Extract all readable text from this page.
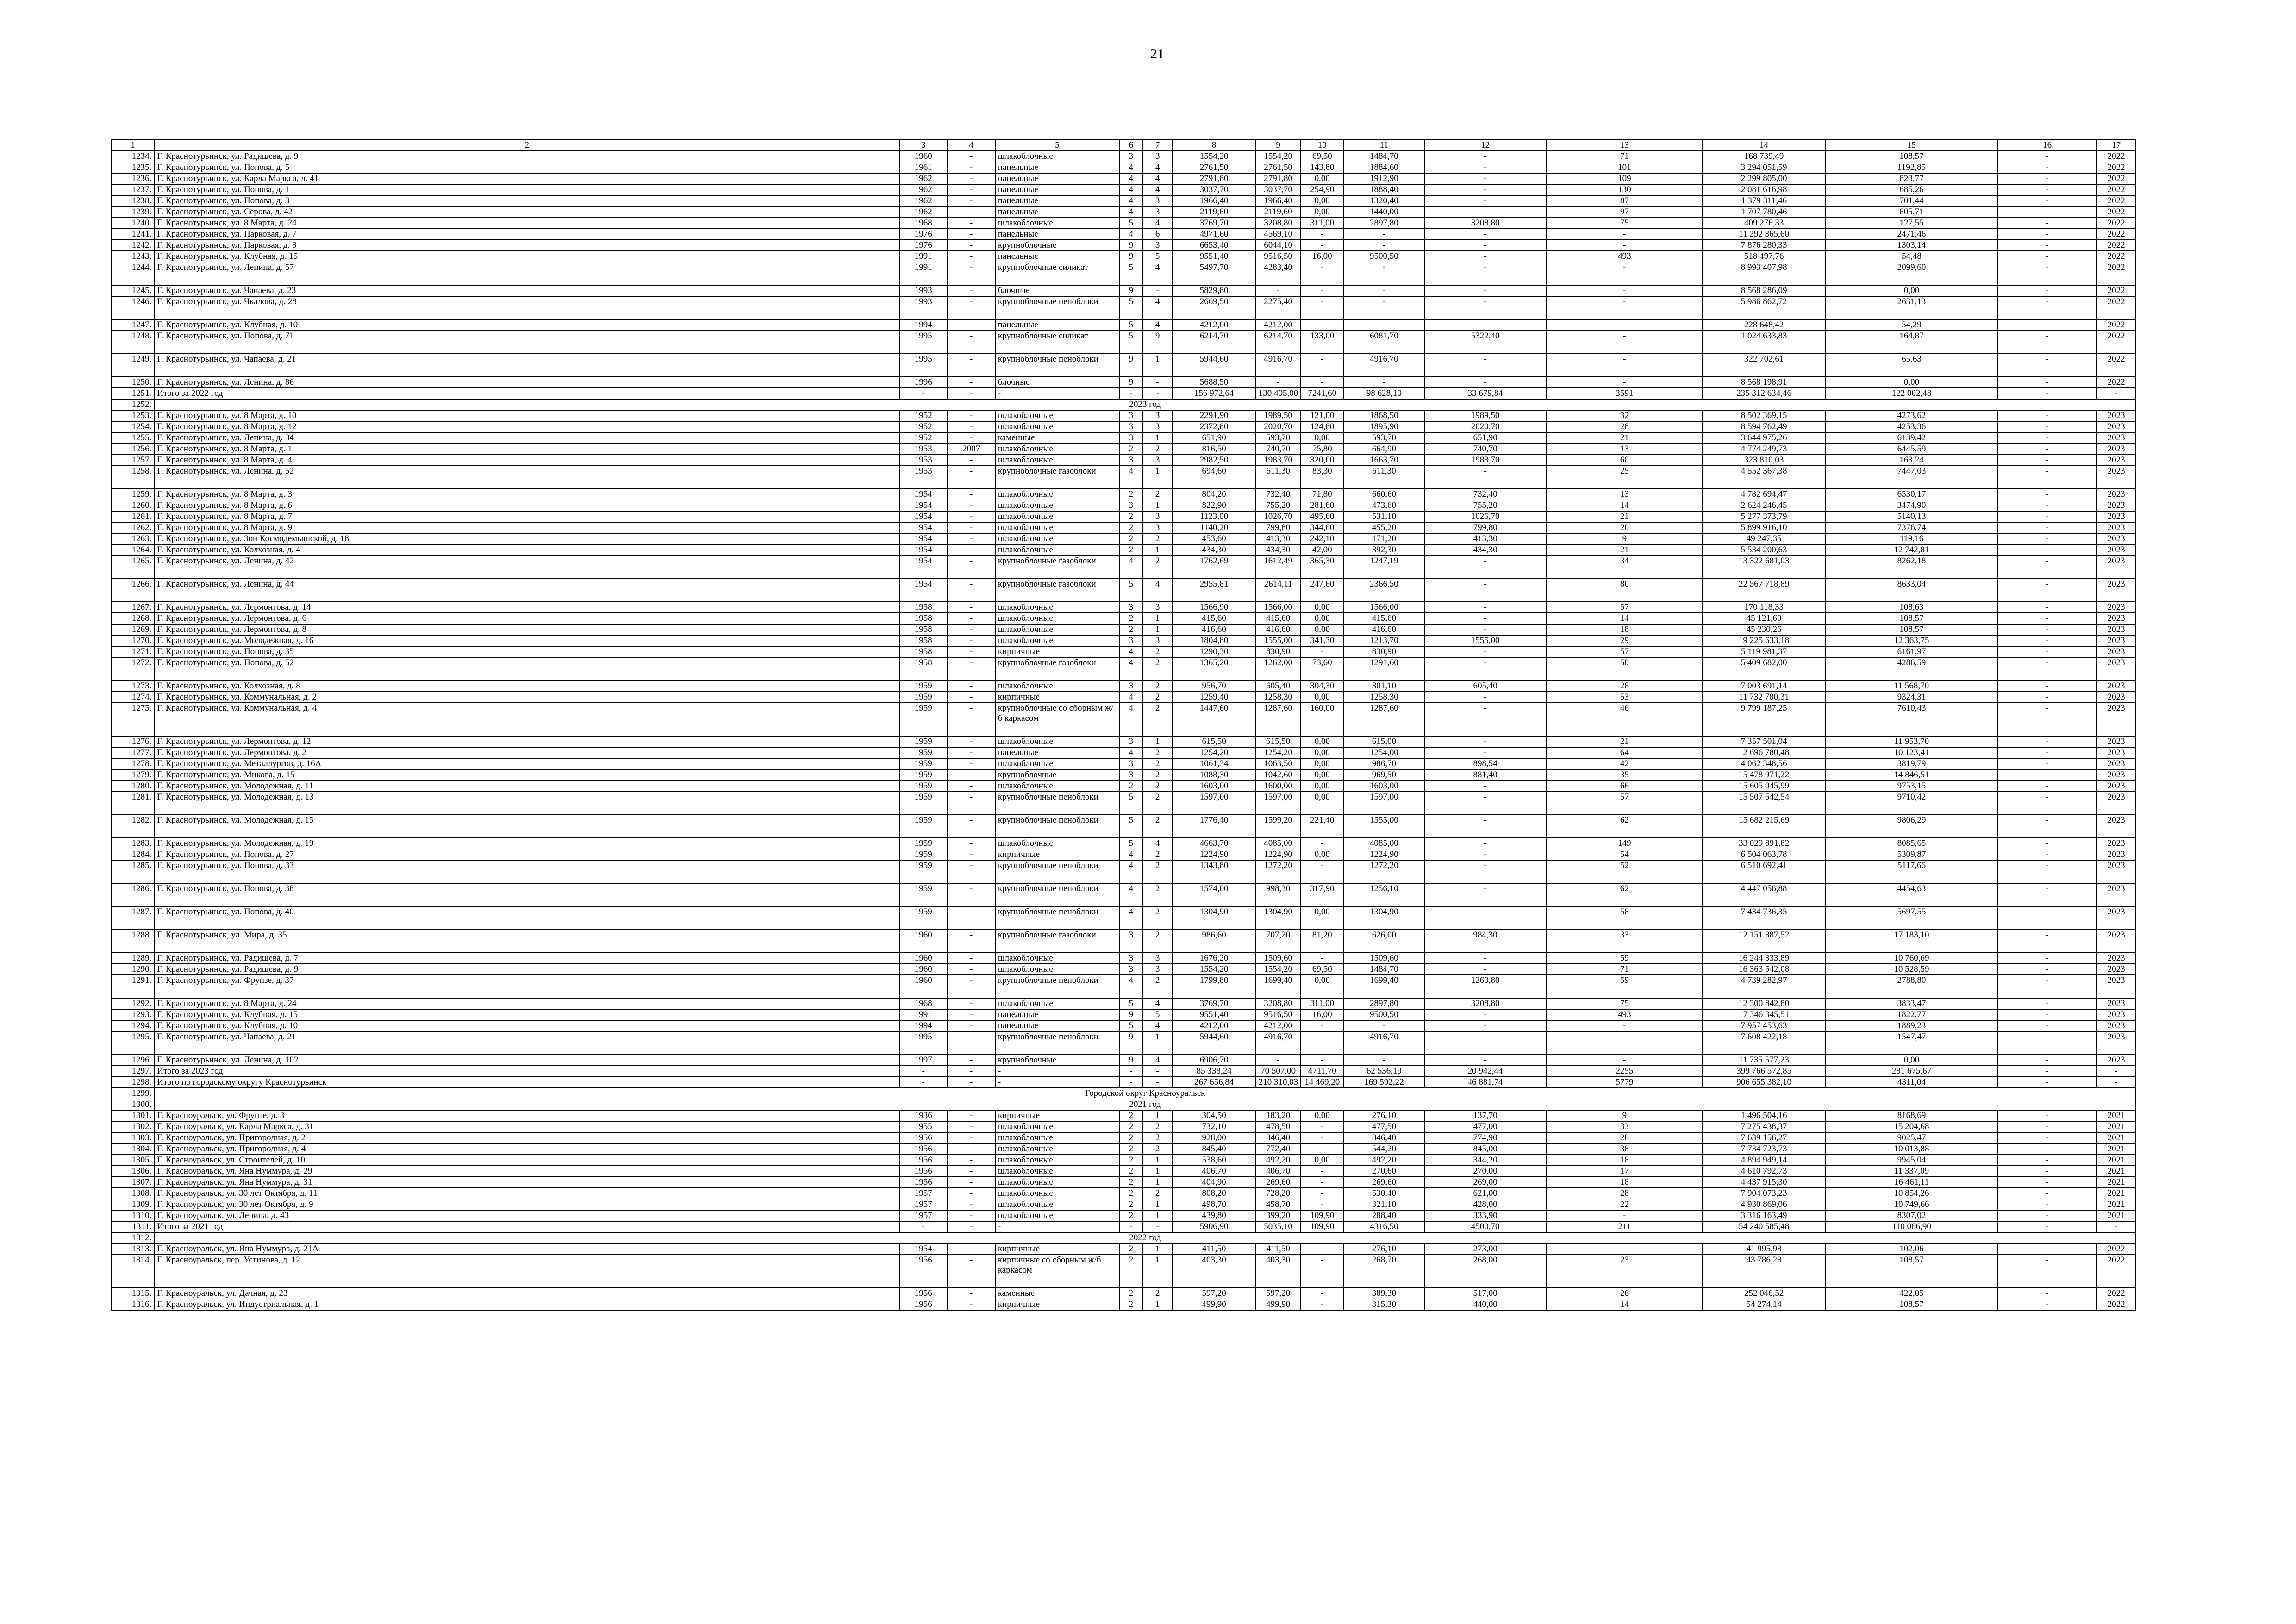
21
1	2	3	4	5	6	7	8	9	10	11	12	13	14	15	16	17
1234.	Г. Краснотурьинск, ул. Радищева, д. 9	1960	-	шлакоблочные	3	3	1554,20	1554,20	69,50	1484,70	-	71	168 739,49	108,57	-	2022
1235.	Г. Краснотурьинск, ул. Попова, д. 5	1961	-	панельные	4	4	2761,50	2761,50	143,80	1884,60	-	101	3 294 051,59	1192,85	-	2022
1236.	Г. Краснотурьинск, ул. Карла Маркса, д. 41	1962	-	панельные	4	4	2791,80	2791,80	0,00	1912,90	-	109	2 299 805,00	823,77	-	2022
1237.	Г. Краснотурьинск, ул. Попова, д. 1	1962	-	панельные	4	4	3037,70	3037,70	254,90	1888,40	-	130	2 081 616,98	685,26	-	2022
1238.	Г. Краснотурьинск, ул. Попова, д. 3	1962	-	панельные	4	3	1966,40	1966,40	0,00	1320,40	-	87	1 379 311,46	701,44	-	2022
1239.	Г. Краснотурьинск, ул. Серова, д. 42	1962	-	панельные	4	3	2119,60	2119,60	0,00	1440,00	-	97	1 707 780,46	805,71	-	2022
1240.	Г. Краснотурьинск, ул. 8 Марта, д. 24	1968	-	шлакоблочные	5	4	3769,70	3208,80	311,00	2897,80	3208,80	75	409 276,33	127,55	-	2022
1241.	Г. Краснотурьинск, ул. Парковая, д. 7	1976	-	панельные	4	6	4971,60	4569,10	-	-	-	-	11 292 365,60	2471,46	-	2022
1242.	Г. Краснотурьинск, ул. Парковая, д. 8	1976	-	крупноблочные	9	3	6653,40	6044,10	-	-	-	-	7 876 280,33	1303,14	-	2022
1243.	Г. Краснотурьинск, ул. Клубная, д. 15	1991	-	панельные	9	5	9551,40	9516,50	16,00	9500,50	-	493	518 497,76	54,48	-	2022
1244.	Г. Краснотурьинск, ул. Ленина, д. 57	1991	-	крупноблочные силикат	5	4	5497,70	4283,40	-	-	-	-	8 993 407,98	2099,60	-	2022
1245.	Г. Краснотурьинск, ул. Чапаева, д. 23	1993	-	блочные	9	-	5829,80	-	-	-	-	-	8 568 286,09	0,00	-	2022
1246.	Г. Краснотурьинск, ул. Чкалова, д. 28	1993	-	крупноблочные пеноблоки	5	4	2669,50	2275,40	-	-	-	-	5 986 862,72	2631,13	-	2022
1247.	Г. Краснотурьинск, ул. Клубная, д. 10	1994	-	панельные	5	4	4212,00	4212,00	-	-	-	-	228 648,42	54,29	-	2022
1248.	Г. Краснотурьинск, ул. Попова, д. 71	1995	-	крупноблочные силикат	5	9	6214,70	6214,70	133,00	6081,70	5322,40	-	1 024 633,83	164,87	-	2022
1249.	Г. Краснотурьинск, ул. Чапаева, д. 21	1995	-	крупноблочные пеноблоки	9	1	5944,60	4916,70	-	4916,70	-	-	322 702,61	65,63	-	2022
1250.	Г. Краснотурьинск, ул. Ленина, д. 86	1996	-	блочные	9	-	5688,50	-	-	-	-	-	8 568 198,91	0,00	-	2022
1251.	Итого за 2022 год	-	-	-	-	-	156 972,64	130 405,00	7241,60	98 628,10	33 679,84	3591	235 312 634,46	122 002,48	-	-
1252.	2023 год															
1253.	Г. Краснотурьинск, ул. 8 Марта, д. 10	1952	-	шлакоблочные	3	3	2291,90	1989,50	121,00	1868,50	1989,50	32	8 502 369,15	4273,62	-	2023
1254.	Г. Краснотурьинск, ул. 8 Марта, д. 12	1952	-	шлакоблочные	3	3	2372,80	2020,70	124,80	1895,90	2020,70	28	8 594 762,49	4253,36	-	2023
1255.	Г. Краснотурьинск, ул. Ленина, д. 34	1952	-	каменные	3	1	651,90	593,70	0,00	593,70	651,90	21	3 644 975,26	6139,42	-	2023
1256.	Г. Краснотурьинск, ул. 8 Марта, д. 1	1953	2007	шлакоблочные	2	2	816,50	740,70	75,80	664,90	740,70	13	4 774 249,73	6445,59	-	2023
1257.	Г. Краснотурьинск, ул. 8 Марта, д. 4	1953	-	шлакоблочные	3	3	2982,50	1983,70	320,00	1663,70	1983,70	60	323 810,03	163,24	-	2023
1258.	Г. Краснотурьинск, ул. Ленина, д. 52	1953	-	крупноблочные газоблоки	4	1	694,60	611,30	83,30	611,30	-	25	4 552 367,38	7447,03	-	2023
1259.	Г. Краснотурьинск, ул. 8 Марта, д. 3	1954	-	шлакоблочные	2	2	804,20	732,40	71,80	660,60	732,40	13	4 782 694,47	6530,17	-	2023
1260.	Г. Краснотурьинск, ул. 8 Марта, д. 6	1954	-	шлакоблочные	3	1	822,90	755,20	281,60	473,60	755,20	14	2 624 246,45	3474,90	-	2023
1261.	Г. Краснотурьинск, ул. 8 Марта, д. 7	1954	-	шлакоблочные	2	3	1123,00	1026,70	495,60	531,10	1026,70	21	5 277 373,79	5140,13	-	2023
1262.	Г. Краснотурьинск, ул. 8 Марта, д. 9	1954	-	шлакоблочные	2	3	1140,20	799,80	344,60	455,20	799,80	20	5 899 916,10	7376,74	-	2023
1263.	Г. Краснотурьинск, ул. Зои Космодемьянской, д. 18	1954	-	шлакоблочные	2	2	453,60	413,30	242,10	171,20	413,30	9	49 247,35	119,16	-	2023
1264.	Г. Краснотурьинск, ул. Колхозная, д. 4	1954	-	шлакоблочные	2	1	434,30	434,30	42,00	392,30	434,30	21	5 534 200,63	12 742,81	-	2023
1265.	Г. Краснотурьинск, ул. Ленина, д. 42	1954	-	крупноблочные газоблоки	4	2	1762,69	1612,49	365,30	1247,19	-	34	13 322 681,03	8262,18	-	2023
1266.	Г. Краснотурьинск, ул. Ленина, д. 44	1954	-	крупноблочные газоблоки	5	4	2955,81	2614,11	247,60	2366,50	-	80	22 567 718,89	8633,04	-	2023
1267.	Г. Краснотурьинск, ул. Лермонтова, д. 14	1958	-	шлакоблочные	3	3	1566,90	1566,00	0,00	1566,00	-	57	170 118,33	108,63	-	2023
1268.	Г. Краснотурьинск, ул. Лермонтова, д. 6	1958	-	шлакоблочные	2	1	415,60	415,60	0,00	415,60	-	14	45 121,69	108,57	-	2023
1269.	Г. Краснотурьинск, ул. Лермонтова, д. 8	1958	-	шлакоблочные	2	1	416,60	416,60	0,00	416,60	-	18	45 230,26	108,57	-	2023
1270.	Г. Краснотурьинск, ул. Молодежная, д. 16	1958	-	шлакоблочные	3	3	1804,80	1555,00	341,30	1213,70	1555,00	29	19 225 633,18	12 363,75	-	2023
1271.	Г. Краснотурьинск, ул. Попова, д. 35	1958	-	кирпичные	4	2	1290,30	830,90	-	830,90	-	57	5 119 981,37	6161,97	-	2023
1272.	Г. Краснотурьинск, ул. Попова, д. 52	1958	-	крупноблочные газоблоки	4	2	1365,20	1262,00	73,60	1291,60	-	50	5 409 682,00	4286,59	-	2023
1273.	Г. Краснотурьинск, ул. Колхозная, д. 8	1959	-	шлакоблочные	3	2	956,70	605,40	304,30	301,10	605,40	28	7 003 691,14	11 568,70	-	2023
1274.	Г. Краснотурьинск, ул. Коммунальная, д. 2	1959	-	кирпичные	4	2	1259,40	1258,30	0,00	1258,30	-	53	11 732 780,31	9324,31	-	2023
1275.	Г. Краснотурьинск, ул. Коммунальная, д. 4	1959	-	крупноблочные со сборным ж/б каркасом	4	2	1447,60	1287,60	160,00	1287,60	-	46	9 799 187,25	7610,43	-	2023
1276.	Г. Краснотурьинск, ул. Лермонтова, д. 12	1959	-	шлакоблочные	3	1	615,50	615,50	0,00	615,00	-	21	7 357 501,04	11 953,70	-	2023
1277.	Г. Краснотурьинск, ул. Лермонтова, д. 2	1959	-	панельные	4	2	1254,20	1254,20	0,00	1254,00	-	64	12 696 780,48	10 123,41	-	2023
1278.	Г. Краснотурьинск, ул. Металлургов, д. 16А	1959	-	шлакоблочные	3	2	1061,34	1063,50	0,00	986,70	898,54	42	4 062 348,56	3819,79	-	2023
1279.	Г. Краснотурьинск, ул. Микова, д. 15	1959	-	крупноблочные	3	2	1088,30	1042,60	0,00	969,50	881,40	35	15 478 971,22	14 846,51	-	2023
1280.	Г. Краснотурьинск, ул. Молодежная, д. 11	1959	-	шлакоблочные	2	2	1603,00	1600,00	0,00	1603,00	-	66	15 605 045,99	9753,15	-	2023
1281.	Г. Краснотурьинск, ул. Молодежная, д. 13	1959	-	крупноблочные пеноблоки	5	2	1597,00	1597,00	0,00	1597,00	-	57	15 507 542,54	9710,42	-	2023
1282.	Г. Краснотурьинск, ул. Молодежная, д. 15	1959	-	крупноблочные пеноблоки	5	2	1776,40	1599,20	221,40	1555,00	-	62	15 682 215,69	9806,29	-	2023
1283.	Г. Краснотурьинск, ул. Молодежная, д. 19	1959	-	шлакоблочные	5	4	4663,70	4085,00	-	4085,00	-	149	33 029 891,82	8085,65	-	2023
1284.	Г. Краснотурьинск, ул. Попова, д. 27	1959	-	кирпичные	4	2	1224,90	1224,90	0,00	1224,90	-	54	6 504 063,78	5309,87	-	2023
1285.	Г. Краснотурьинск, ул. Попова, д. 33	1959	-	крупноблочные пеноблоки	4	2	1343,80	1272,20	-	1272,20	-	52	6 510 692,41	5117,66	-	2023
1286.	Г. Краснотурьинск, ул. Попова, д. 38	1959	-	крупноблочные пеноблоки	4	2	1574,00	998,30	317,90	1256,10	-	62	4 447 056,88	4454,63	-	2023
1287.	Г. Краснотурьинск, ул. Попова, д. 40	1959	-	крупноблочные пеноблоки	4	2	1304,90	1304,90	0,00	1304,90	-	58	7 434 736,35	5697,55	-	2023
1288.	Г. Краснотурьинск, ул. Мира, д. 35	1960	-	крупноблочные газоблоки	3	2	986,60	707,20	81,20	626,00	984,30	33	12 151 887,52	17 183,10	-	2023
1289.	Г. Краснотурьинск, ул. Радищева, д. 7	1960	-	шлакоблочные	3	3	1676,20	1509,60	-	1509,60	-	59	16 244 333,89	10 760,69	-	2023
1290.	Г. Краснотурьинск, ул. Радищева, д. 9	1960	-	шлакоблочные	3	3	1554,20	1554,20	69,50	1484,70	-	71	16 363 542,08	10 528,59	-	2023
1291.	Г. Краснотурьинск, ул. Фрунзе, д. 37	1960	-	крупноблочные пеноблоки	4	2	1799,80	1699,40	0,00	1699,40	1260,80	59	4 739 282,97	2788,80	-	2023
1292.	Г. Краснотурьинск, ул. 8 Марта, д. 24	1968	-	шлакоблочные	5	4	3769,70	3208,80	311,00	2897,80	3208,80	75	12 300 842,80	3833,47	-	2023
1293.	Г. Краснотурьинск, ул. Клубная, д. 15	1991	-	панельные	9	5	9551,40	9516,50	16,00	9500,50	-	493	17 346 345,51	1822,77	-	2023
1294.	Г. Краснотурьинск, ул. Клубная, д. 10	1994	-	панельные	5	4	4212,00	4212,00	-	-	-	-	7 957 453,63	1889,23	-	2023
1295.	Г. Краснотурьинск, ул. Чапаева, д. 21	1995	-	крупноблочные пеноблоки	9	1	5944,60	4916,70	-	4916,70	-	-	7 608 422,18	1547,47	-	2023
1296.	Г. Краснотурьинск, ул. Ленина, д. 102	1997	-	крупноблочные	9	4	6906,70	-	-	-	-	-	11 735 577,23	0,00	-	2023
1297.	Итого за 2023 год	-	-	-	-	-	85 338,24	70 507,00	4711,70	62 536,19	20 942,44	2255	399 766 572,85	281 675,67	-	-
1298.	Итого по городскому округу Краснотурьинск	-	-	-	-	-	267 656,84	210 310,03	14 469,20	169 592,22	46 881,74	5779	906 655 382,10	4311,04	-	-
1299.	Городской округ Красноуральск															
1300.	2021 год															
1301.	Г. Красноуральск, ул. Фрунзе, д. 3	1936	-	кирпичные	2	1	304,50	183,20	0,00	276,10	137,70	9	1 496 504,16	8168,69	-	2021
1302.	Г. Красноуральск, ул. Карла Маркса, д. 31	1955	-	шлакоблочные	2	2	732,10	478,50	-	477,50	477,00	33	7 275 438,37	15 204,68	-	2021
1303.	Г. Красноуральск, ул. Пригородная, д. 2	1956	-	шлакоблочные	2	2	928,00	846,40	-	846,40	774,90	28	7 639 156,27	9025,47	-	2021
1304.	Г. Красноуральск, ул. Пригородная, д. 4	1956	-	шлакоблочные	2	2	845,40	772,40	-	544,20	845,00	38	7 734 723,73	10 013,88	-	2021
1305.	Г. Красноуральск, ул. Строителей, д. 10	1956	-	шлакоблочные	2	1	538,60	492,20	0,00	492,20	344,20	18	4 894 949,14	9945,04	-	2021
1306.	Г. Красноуральск, ул. Яна Нуммура, д. 29	1956	-	шлакоблочные	2	1	406,70	406,70	-	270,60	270,00	17	4 610 792,73	11 337,09	-	2021
1307.	Г. Красноуральск, ул. Яна Нуммура, д. 31	1956	-	шлакоблочные	2	1	404,90	269,60	-	269,60	269,00	18	4 437 915,30	16 461,11	-	2021
1308.	Г. Красноуральск, ул. 30 лет Октября, д. 11	1957	-	шлакоблочные	2	2	808,20	728,20	-	530,40	621,00	28	7 904 073,23	10 854,26	-	2021
1309.	Г. Красноуральск, ул. 30 лет Октября, д. 9	1957	-	шлакоблочные	2	1	498,70	458,70	-	321,10	428,00	22	4 930 869,06	10 749,66	-	2021
1310.	Г. Красноуральск, ул. Ленина, д. 43	1957	-	шлакоблочные	2	1	439,80	399,20	109,90	288,40	333,90	-	3 316 163,49	8307,02	-	2021
1311.	Итого за 2021 год	-	-	-	-	-	5906,90	5035,10	109,90	4316,50	4500,70	211	54 240 585,48	110 066,90	-	-
1312.	2022 год															
1313.	Г. Красноуральск, ул. Яна Нуммура, д. 21А	1954	-	кирпичные	2	1	411,50	411,50	-	276,10	273,00	-	41 995,98	102,06	-	2022
1314.	Г. Красноуральск, пер. Устинова, д. 12	1956	-	кирпичные со сборным ж/б каркасом	2	1	403,30	403,30	-	268,70	268,00	23	43 786,28	108,57	-	2022
1315.	Г. Красноуральск, ул. Дачная, д. 23	1956	-	каменные	2	2	597,20	597,20	-	389,30	517,00	26	252 046,52	422,05	-	2022
1316.	Г. Красноуральск, ул. Индустриальная, д. 1	1956	-	кирпичные	2	1	499,90	499,90	-	315,30	440,00	14	54 274,14	108,57	-	2022
